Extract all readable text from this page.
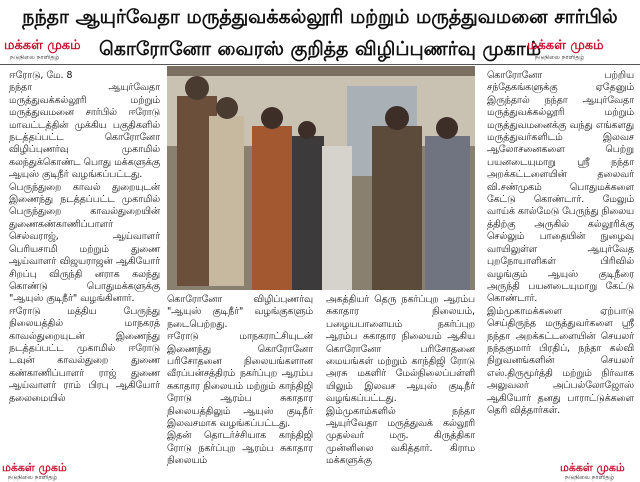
நந்தா ஆயுர்வேதா மருத்துவக்கல்லூரி மற்றும் மருத்துவமனை சார்பில்
கொரோனோ வைரஸ் குறித்த விழிப்புணர்வு முகாம்
மக்கள் முகம்
நடுநிலை நாளிதழ்
மக்கள் முகம்
நடுநிலை நாளிதழ்

ஈரோடு, மே. 8

நந்தா ஆயுர்வேதா மருத்துவக்கல்லூரி மற்றும் மருத்துவமனை சார்பில் ஈரோடு மாவட்டத்தின் முக்கிய பகுதிகளில் நடத்தப்பட்ட கொரோனோ விழிப்புணர்வு முகாமில் கலந்துக்கொண்ட பொது மக்களுக்கு ஆயுஸ் குடிநீர் வழங்கப்பட்டது.

பெருந்துறை காவல் துறையுடன் இணைந்து நடத்தப்பட்ட முகாமில் பெருந்துறை காவல்துறையின் துணைகண்காணிப்பாளர் செல்வராஜ், ஆய்வாளர் பெரியசாமி மற்றும் துணை ஆய்வாளர் விஜயராஜன் ஆகியோர் சிறப்பு விருந்தி னராக கலந்து கொண்டு பொதுமக்களுக்கு "ஆயுஸ் குடிநீர்" வழங்கினார்.

ஈரோடு மத்திய பேருந்து நிலையத்தில் மாநகரத் காவல்துறையுடன் இணைந்து நடத்தப்பட்ட முகாமில் ஈரோடு டவுன் காவல்துறை துணை கண்காணிப்பாளர் ராஜ் துணை ஆய்வாளர் ராம் பிரபு ஆகியோர் தலைமையில்

கொரோனோ விழிப்புணர்வு "ஆயுஸ் குடிநீர்" வழங்குகளும் நடைபெற்றது.

ஈரோடு மாநகராட்சியுடன் இணைந்து கொரோனோ பரிசோதனை நிலையங்களான வீரப்பன்சத்திரம் நகர்ப்புற ஆரம்ப சுகாதார நிலையம் மற்றும் காந்திஜி ரோடு ஆரம்ப சுகாதார நிலையத்திலும் ஆயுஸ் குடிநீர் இலவசமாக வழங்கப்பட்டது.

இதன் தொடர்ச்சியாக காந்திஜி ரோடு நகர்ப்புற ஆரம்ப சுகாதார நிலையம்

அகத்தியர் தெரு நகர்ப்புற ஆரம்ப சுகாதார நிலையம், பழையபாளையம் நகர்ப்புற ஆரம்ப சுகாதார நிலையம் ஆகிய கொரோனோ பரிசோதனை மையங்கள் மற்றும் காந்திஜி ரோடு அரசு மகளிர் மேல்நிலைப்பள்ளி யிலும் இலவச ஆயுஸ் குடிநீர் வழங்கப்பட்டது.

இம்முகாம்களில் நந்தா ஆயுர்வேதா மருத்துவக் கல்லூரி முதல்வர் மரு. கிருத்திகா முன்னிலை வகித்தார். கிராம மக்களுக்கு

கொரோனோ பற்றிய சந்தேகங்களுக்கு ஏதேனும் இருந்தால் நந்தா ஆயுர்வேதா மருத்துவக்கல்லூரி மற்றும் மருத்துவமனைக்கு வந்து எங்களது மருத்துவர்களிடம் இலவச ஆலோசனைகளை பெற்று பயனடையுமாறு ஸ்ரீ நந்தா அறக்கட்டளையின் தலைவர் வி.சண்முகம் பொதுமக்களை கேட்டு கொண்டார். மேலும் வாய்க் கால்மேடு பேருந்து நிலைய த்திற்கு அருகில் கல்லூரிக்கு செல்லும் பாதையின் நுழைவு வாயிலுள்ள ஆயுர்வேத புறநோயாளிகள் பிரிவில் வழங்கும் ஆயுஸ் குடிநீரை அருந்தி பயனடையுமாறு கேட்டு கொண்டார்.

இம்முகாமக்களை ஏற்பாடு செய்திருந்த மருத்துவர்களை ஸ்ரீ நந்தா அறக்கட்டளையின் செயலர் நந்தகுமார் பிரதிப், நந்தா கல்வி நிறுவனங்களின் செயலர் எஸ்.திருமூர்த்தி மற்றும் நிர்வாக அலுவலர் அப்பல்லோஜோஸ் ஆகியோர் தனது பாராட்டுக்களை தெரி வித்தார்கள்.

மக்கள் முகம்
நடுநிலை நாளிதழ்
மக்கள் முகம்
நடுநிலை நாளிதழ்
